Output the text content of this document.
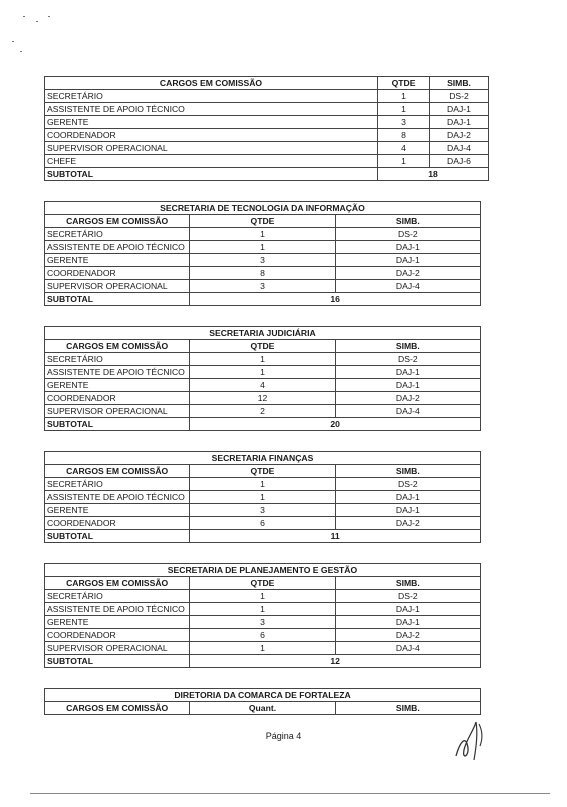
CARGOS EM COMISSÃO	QTDE	SIMB.
SECRETÁRIO	1	DS-2
ASSISTENTE DE APOIO TÉCNICO	1	DAJ-1
GERENTE	3	DAJ-1
COORDENADOR	8	DAJ-2
SUPERVISOR OPERACIONAL	4	DAJ-4
CHEFE	1	DAJ-6
SUBTOTAL	18	
SECRETARIA DE TECNOLOGIA DA INFORMAÇÃO		
CARGOS EM COMISSÃO	QTDE	SIMB.
SECRETÁRIO	1	DS-2
ASSISTENTE DE APOIO TÉCNICO	1	DAJ-1
GERENTE	3	DAJ-1
COORDENADOR	8	DAJ-2
SUPERVISOR OPERACIONAL	3	DAJ-4
SUBTOTAL	16	
SECRETARIA JUDICIÁRIA		
CARGOS EM COMISSÃO	QTDE	SIMB.
SECRETÁRIO	1	DS-2
ASSISTENTE DE APOIO TÉCNICO	1	DAJ-1
GERENTE	4	DAJ-1
COORDENADOR	12	DAJ-2
SUPERVISOR OPERACIONAL	2	DAJ-4
SUBTOTAL	20	
SECRETARIA FINANÇAS		
CARGOS EM COMISSÃO	QTDE	SIMB.
SECRETÁRIO	1	DS-2
ASSISTENTE DE APOIO TÉCNICO	1	DAJ-1
GERENTE	3	DAJ-1
COORDENADOR	6	DAJ-2
SUBTOTAL	11	
SECRETARIA DE PLANEJAMENTO E GESTÃO		
CARGOS EM COMISSÃO	QTDE	SIMB.
SECRETÁRIO	1	DS-2
ASSISTENTE DE APOIO TÉCNICO	1	DAJ-1
GERENTE	3	DAJ-1
COORDENADOR	6	DAJ-2
SUPERVISOR OPERACIONAL	1	DAJ-4
SUBTOTAL	12	
DIRETORIA DA COMARCA DE FORTALEZA
CARGOS EM COMISSÃO	Quant.	SIMB.
Página 4
